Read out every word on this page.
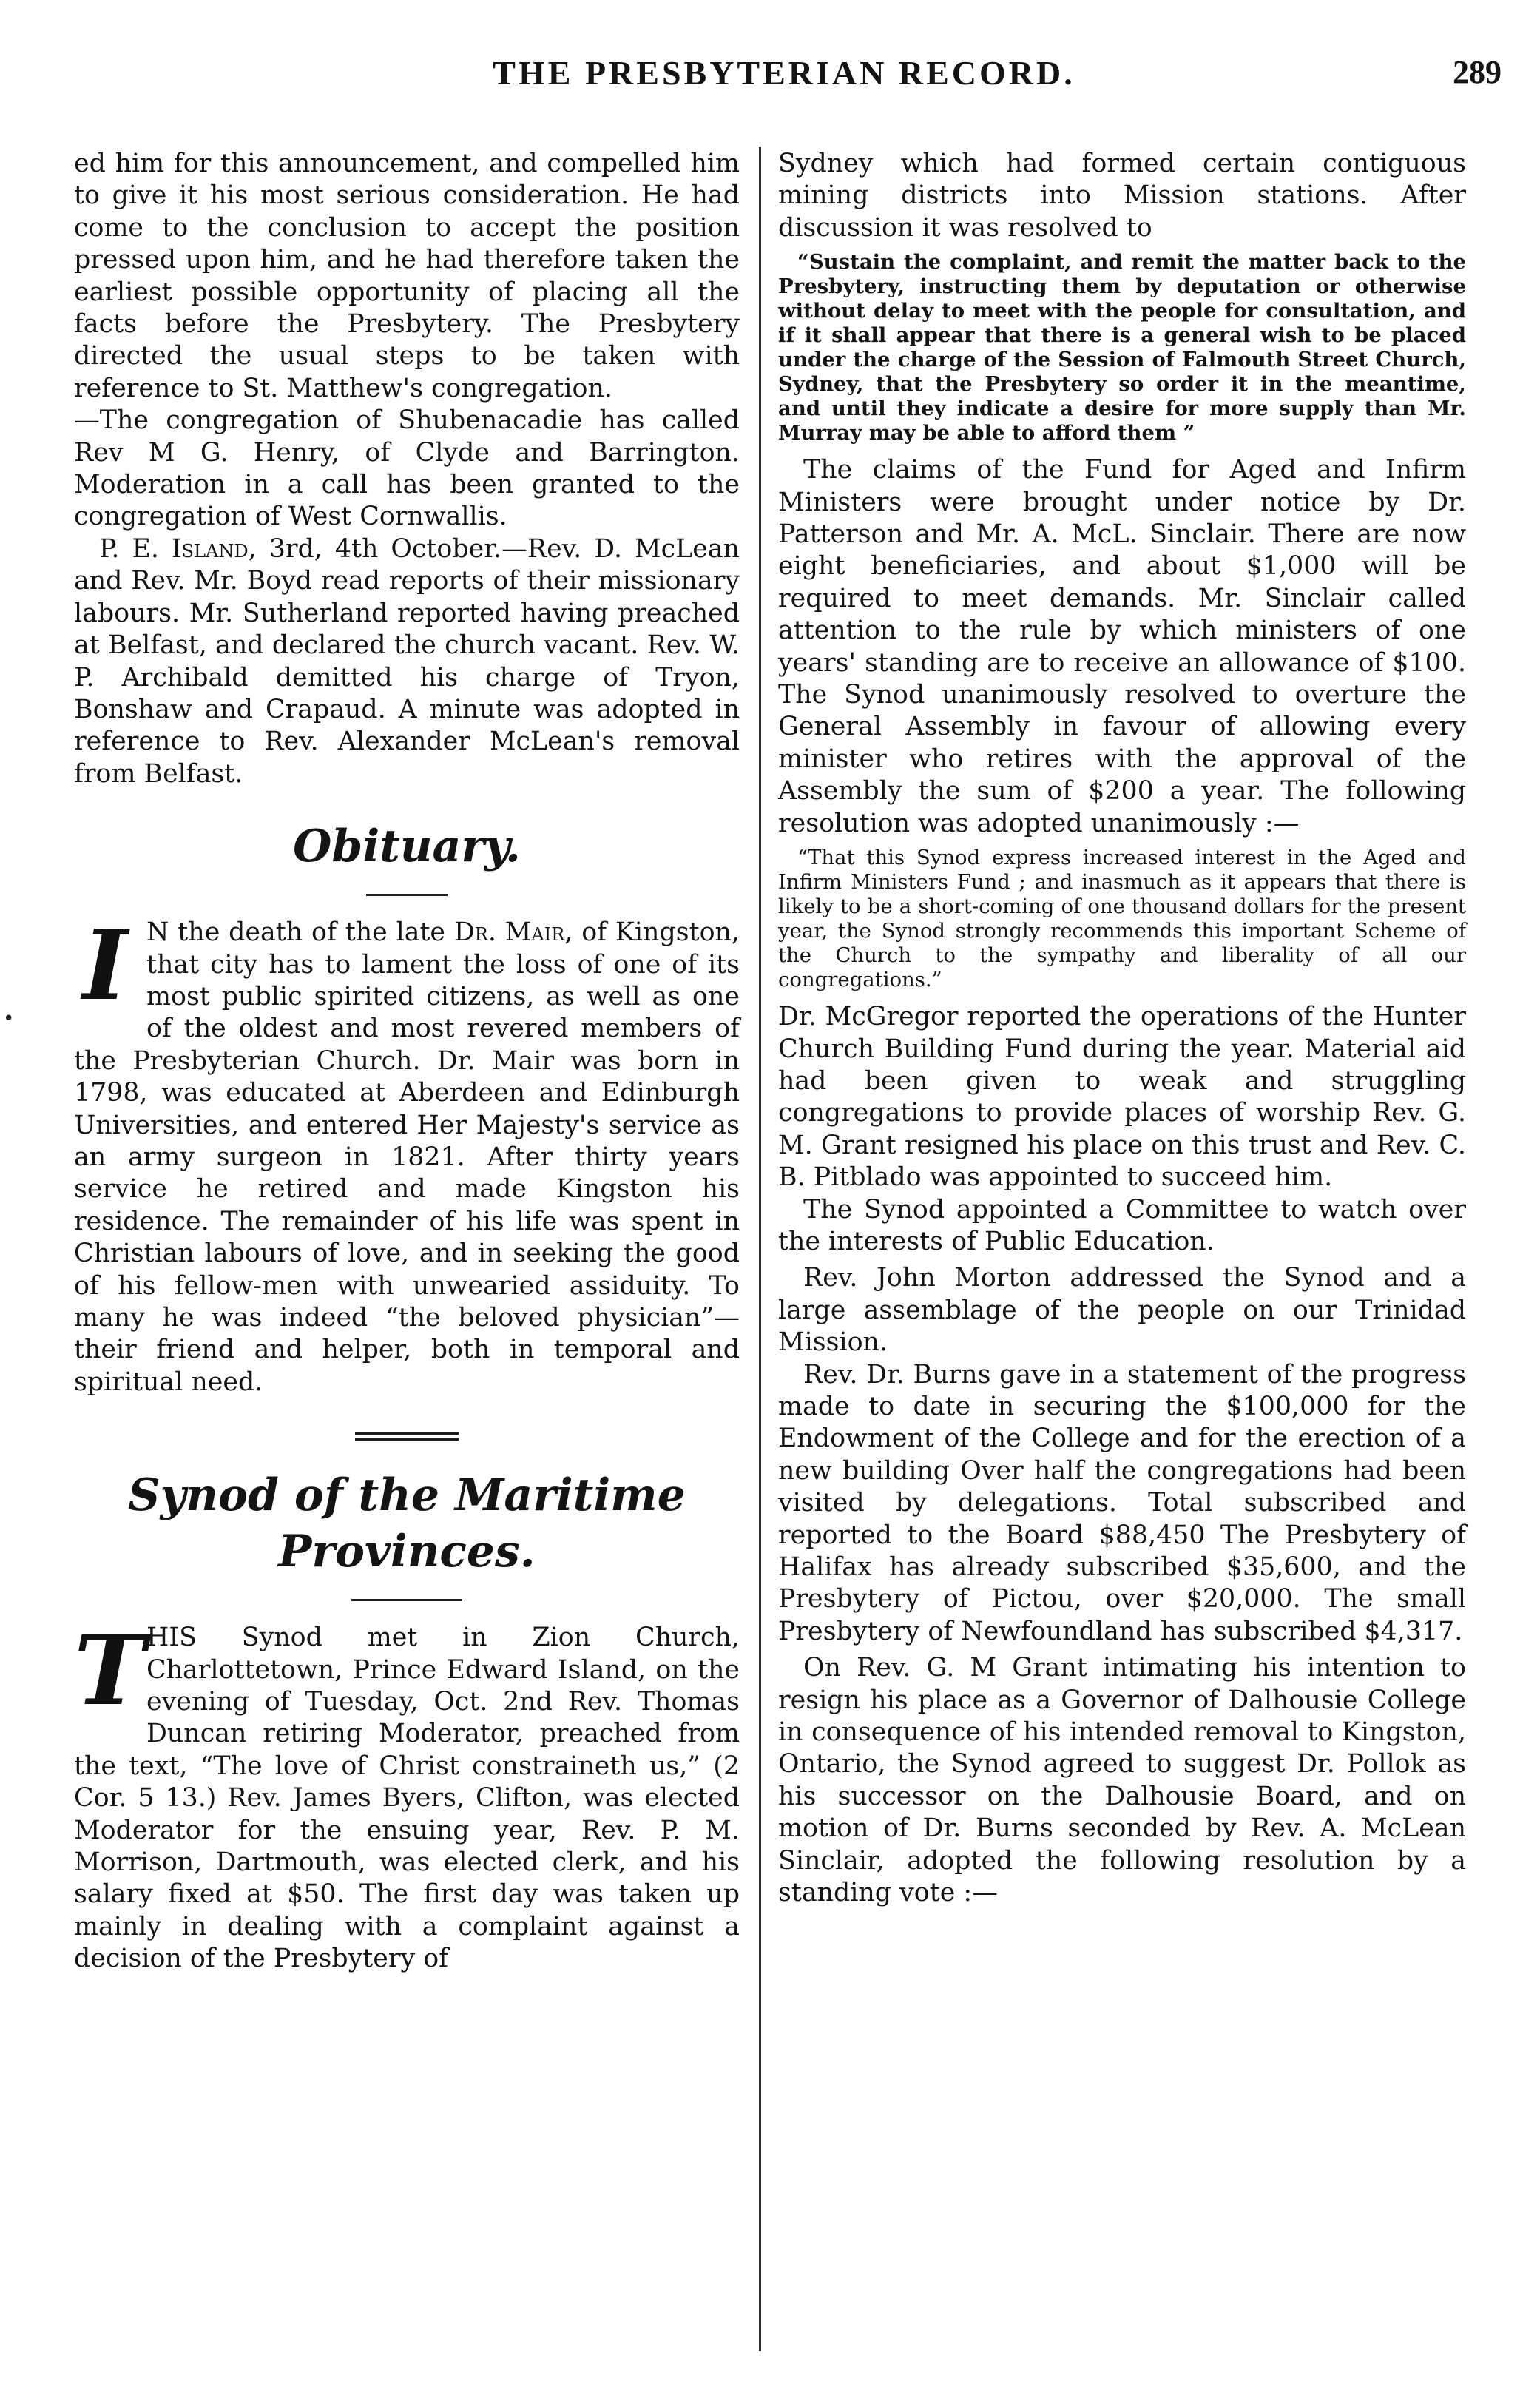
THE PRESBYTERIAN RECORD.	289
•

ed him for this announcement, and compelled him to give it his most serious consideration. He had come to the conclusion to accept the position pressed upon him, and he had therefore taken the earliest possible opportunity of placing all the facts before the Presbytery. The Presbytery directed the usual steps to be taken with reference to St. Matthew's congregation.

—The congregation of Shubenacadie has called Rev M G. Henry, of Clyde and Barrington. Moderation in a call has been granted to the congregation of West Cornwallis.

P. E. Island, 3rd, 4th October.—Rev. D. McLean and Rev. Mr. Boyd read reports of their missionary labours. Mr. Sutherland reported having preached at Belfast, and declared the church vacant. Rev. W. P. Archibald demitted his charge of Tryon, Bonshaw and Crapaud. A minute was adopted in reference to Rev. Alexander McLean's removal from Belfast.

Obituary.

I N the death of the late Dr. Mair, of Kingston, that city has to lament the loss of one of its most public spirited citizens, as well as one of the oldest and most revered members of the Presbyterian Church. Dr. Mair was born in 1798, was educated at Aberdeen and Edinburgh Universities, and entered Her Majesty's service as an army surgeon in 1821. After thirty years service he retired and made Kingston his residence. The remainder of his life was spent in Christian labours of love, and in seeking the good of his fellow-men with unwearied assiduity. To many he was indeed “the beloved physician”—their friend and helper, both in temporal and spiritual need.

Synod of the Maritime Provinces.

THIS Synod met in Zion Church, Charlottetown, Prince Edward Island, on the evening of Tuesday, Oct. 2nd Rev. Thomas Duncan retiring Moderator, preached from the text, “The love of Christ constraineth us,” (2 Cor. 5 13.) Rev. James Byers, Clifton, was elected Moderator for the ensuing year, Rev. P. M. Morrison, Dartmouth, was elected clerk, and his salary fixed at $50. The first day was taken up mainly in dealing with a complaint against a decision of the Presbytery of

Sydney which had formed certain contiguous mining districts into Mission stations. After discussion it was resolved to

“Sustain the complaint, and remit the matter back to the Presbytery, instructing them by deputation or otherwise without delay to meet with the people for consultation, and if it shall appear that there is a general wish to be placed under the charge of the Session of Falmouth Street Church, Sydney, that the Presbytery so order it in the meantime, and until they indicate a desire for more supply than Mr. Murray may be able to afford them ”

The claims of the Fund for Aged and Infirm Ministers were brought under notice by Dr. Patterson and Mr. A. McL. Sinclair. There are now eight beneficiaries, and about $1,000 will be required to meet demands. Mr. Sinclair called attention to the rule by which ministers of one years' standing are to receive an allowance of $100. The Synod unanimously resolved to overture the General Assembly in favour of allowing every minister who retires with the approval of the Assembly the sum of $200 a year. The following resolution was adopted unanimously :—

“That this Synod express increased interest in the Aged and Infirm Ministers Fund ; and inasmuch as it appears that there is likely to be a short-coming of one thousand dollars for the present year, the Synod strongly recommends this important Scheme of the Church to the sympathy and liberality of all our congregations.”

Dr. McGregor reported the operations of the Hunter Church Building Fund during the year. Material aid had been given to weak and struggling congregations to provide places of worship Rev. G. M. Grant resigned his place on this trust and Rev. C. B. Pitblado was appointed to succeed him.

The Synod appointed a Committee to watch over the interests of Public Education.

Rev. John Morton addressed the Synod and a large assemblage of the people on our Trinidad Mission.

Rev. Dr. Burns gave in a statement of the progress made to date in securing the $100,000 for the Endowment of the College and for the erection of a new building Over half the congregations had been visited by delegations. Total subscribed and reported to the Board $88,450 The Presbytery of Halifax has already subscribed $35,600, and the Presbytery of Pictou, over $20,000. The small Presbytery of Newfoundland has subscribed $4,317.

On Rev. G. M Grant intimating his intention to resign his place as a Governor of Dalhousie College in consequence of his intended removal to Kingston, Ontario, the Synod agreed to suggest Dr. Pollok as his successor on the Dalhousie Board, and on motion of Dr. Burns seconded by Rev. A. McLean Sinclair, adopted the following resolution by a standing vote :—
